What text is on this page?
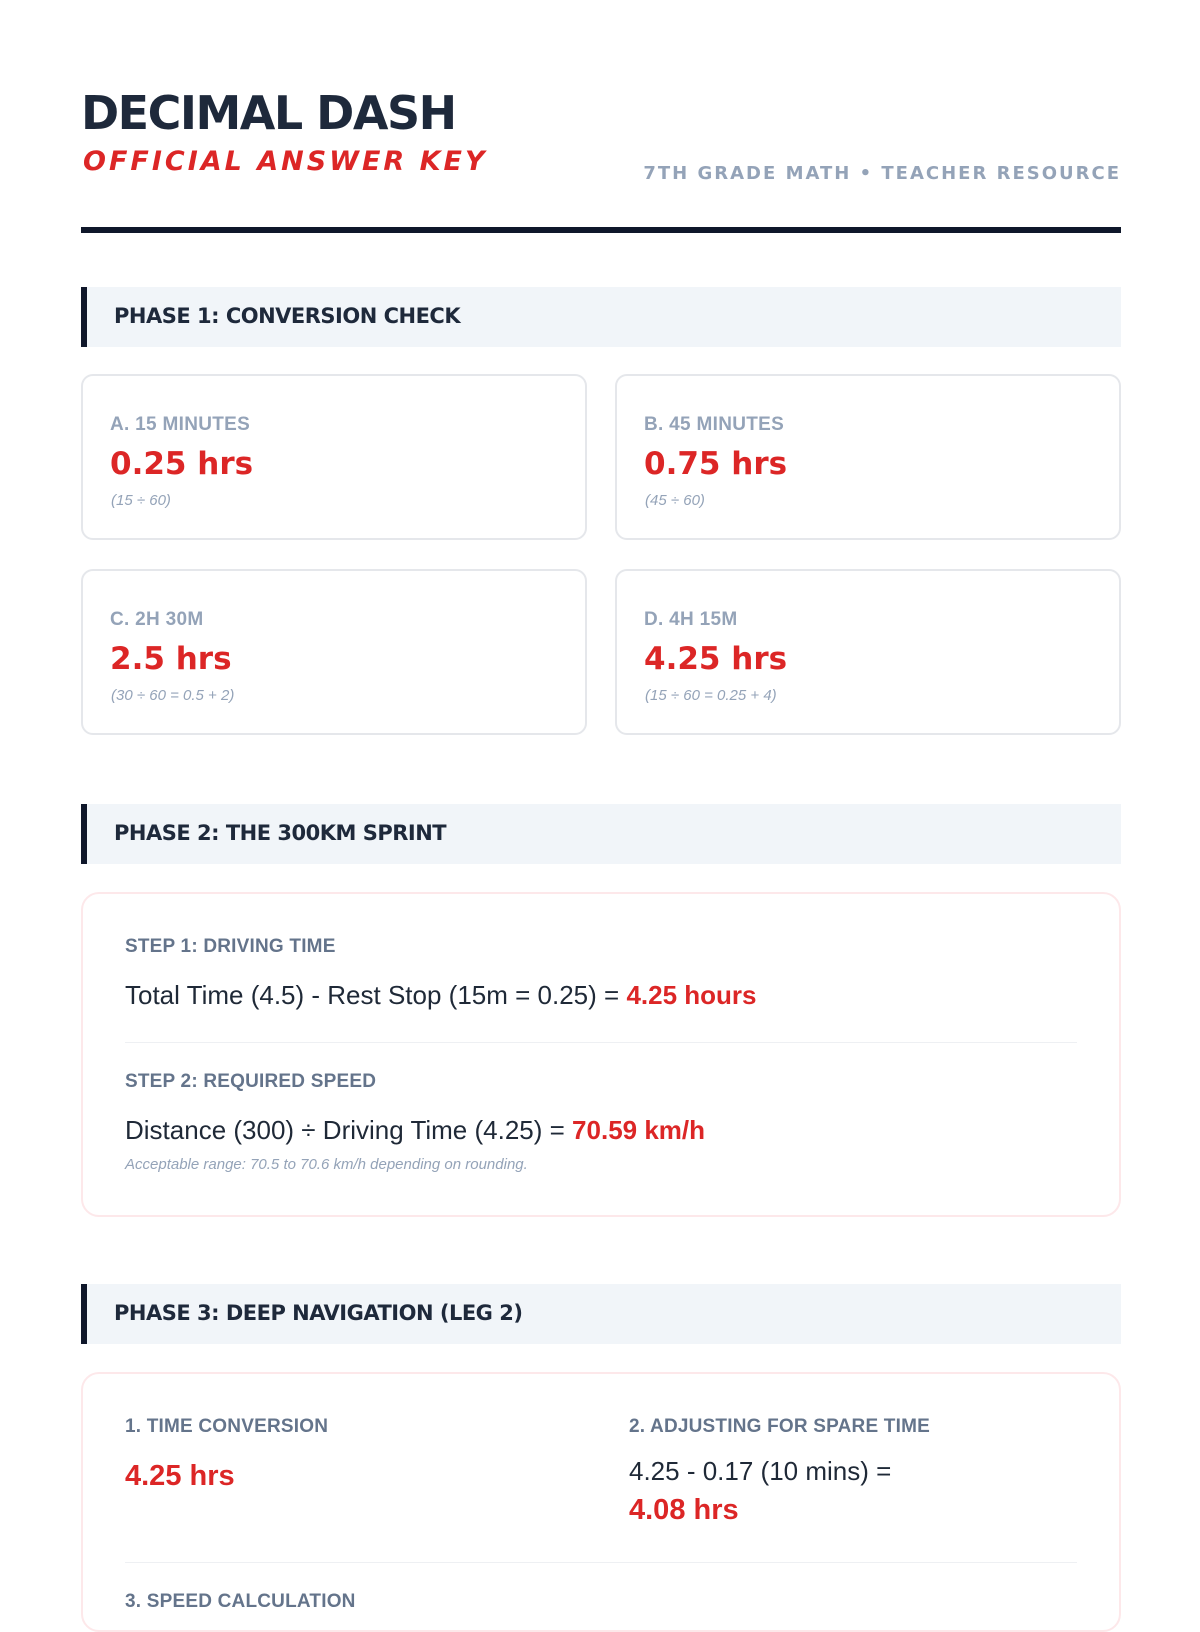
DECIMAL DASH
OFFICIAL ANSWER KEY	7TH GRADE MATH • TEACHER RESOURCE
PHASE 1: CONVERSION CHECK
A. 15 MINUTES
0.25 hrs
(15 ÷ 60)
B. 45 MINUTES
0.75 hrs
(45 ÷ 60)
C. 2H 30M
2.5 hrs
(30 ÷ 60 = 0.5 + 2)
D. 4H 15M
4.25 hrs
(15 ÷ 60 = 0.25 + 4)
PHASE 2: THE 300KM SPRINT
STEP 1: DRIVING TIME
Total Time (4.5) - Rest Stop (15m = 0.25) = 4.25 hours
STEP 2: REQUIRED SPEED
Distance (300) ÷ Driving Time (4.25) = 70.59 km/h
Acceptable range: 70.5 to 70.6 km/h depending on rounding.
PHASE 3: DEEP NAVIGATION (LEG 2)
1. TIME CONVERSION
4.25 hrs
2. ADJUSTING FOR SPARE TIME
4.25 - 0.17 (10 mins) =
4.08 hrs
3. SPEED CALCULATION
